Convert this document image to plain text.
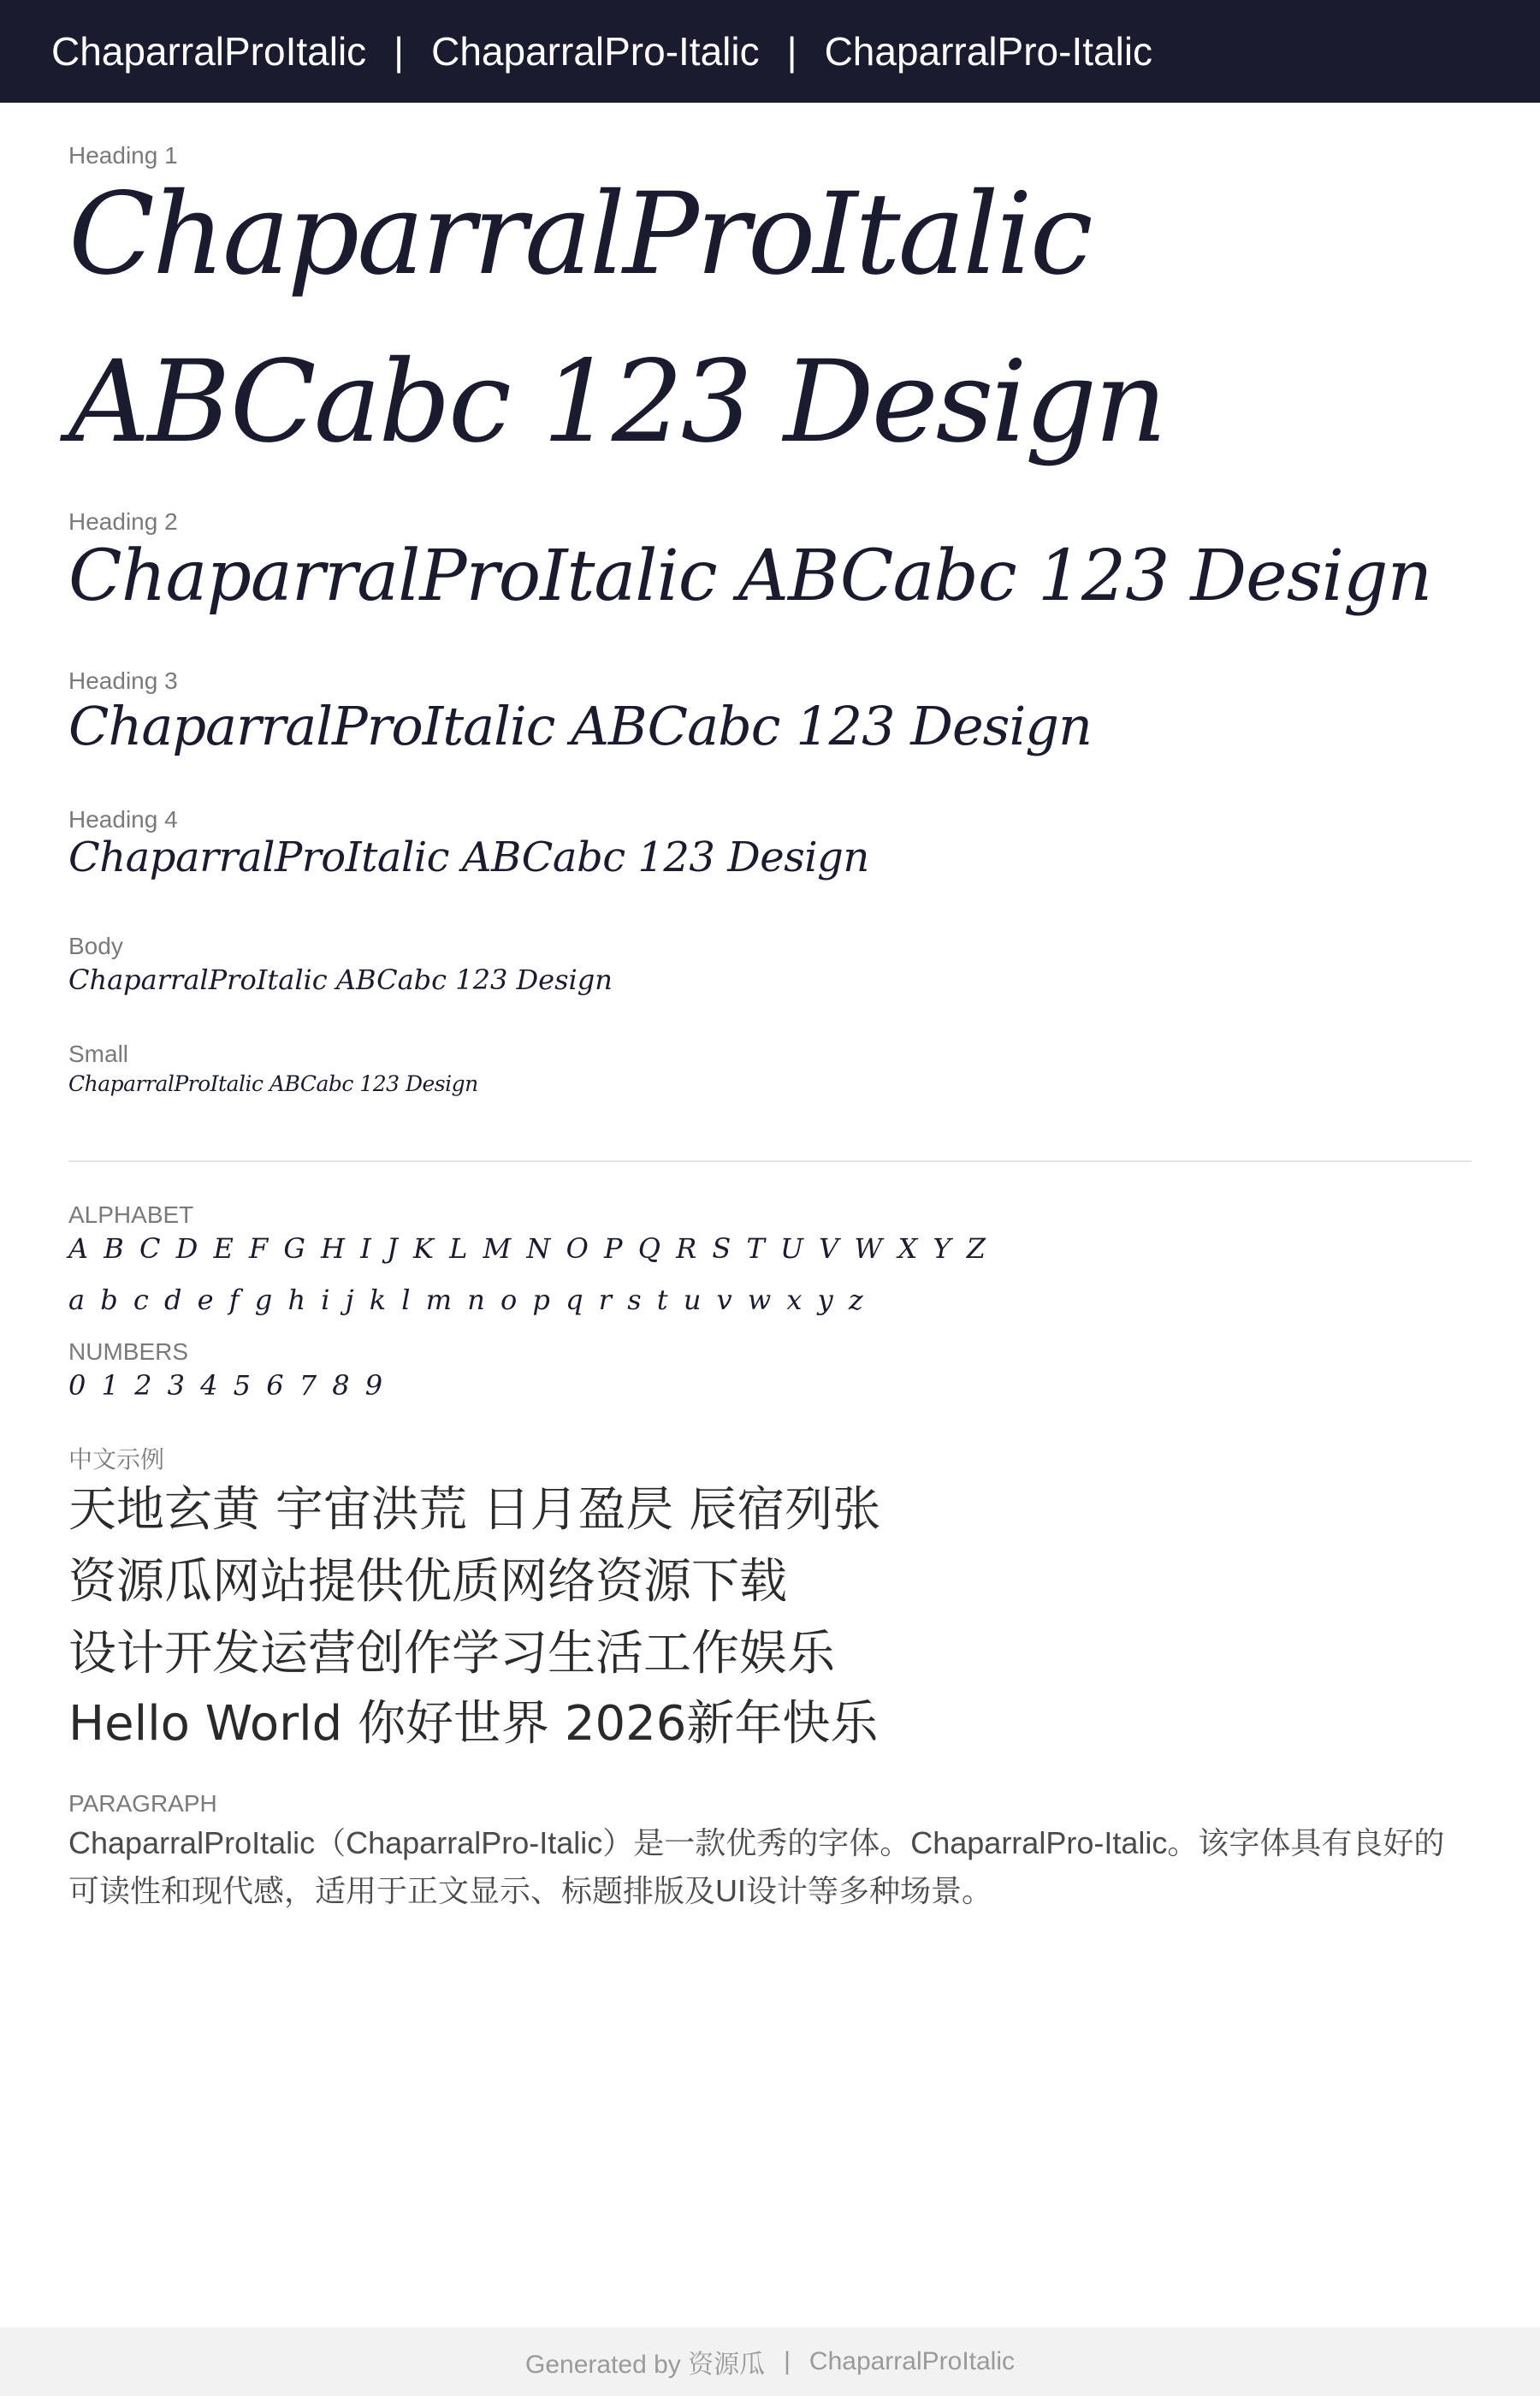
ChaparralProItalic | ChaparralPro-Italic | ChaparralPro-Italic
Heading 1
ChaparralProItalic ABCabc 123 Design
Heading 2
ChaparralProItalic ABCabc 123 Design
Heading 3
ChaparralProItalic ABCabc 123 Design
Heading 4
ChaparralProItalic ABCabc 123 Design
Body
ChaparralProItalic ABCabc 123 Design
Small
ChaparralProItalic ABCabc 123 Design
ALPHABET
A B C D E F G H I J K L M N O P Q R S T U V W X Y Z
a b c d e f g h i j k l m n o p q r s t u v w x y z
NUMBERS
0 1 2 3 4 5 6 7 8 9
中文示例
天地玄黄 宇宙洪荒 日月盈昃 辰宿列张
资源瓜网站提供优质网络资源下载
设计开发运营创作学习生活工作娱乐
Hello World 你好世界 2026新年快乐
PARAGRAPH
ChaparralProItalic（ChaparralPro-Italic）是一款优秀的字体。ChaparralPro-Italic。该字体具有良好的可读性和现代感，适用于正文显示、标题排版及UI设计等多种场景。
Generated by 资源瓜 | ChaparralProItalic
